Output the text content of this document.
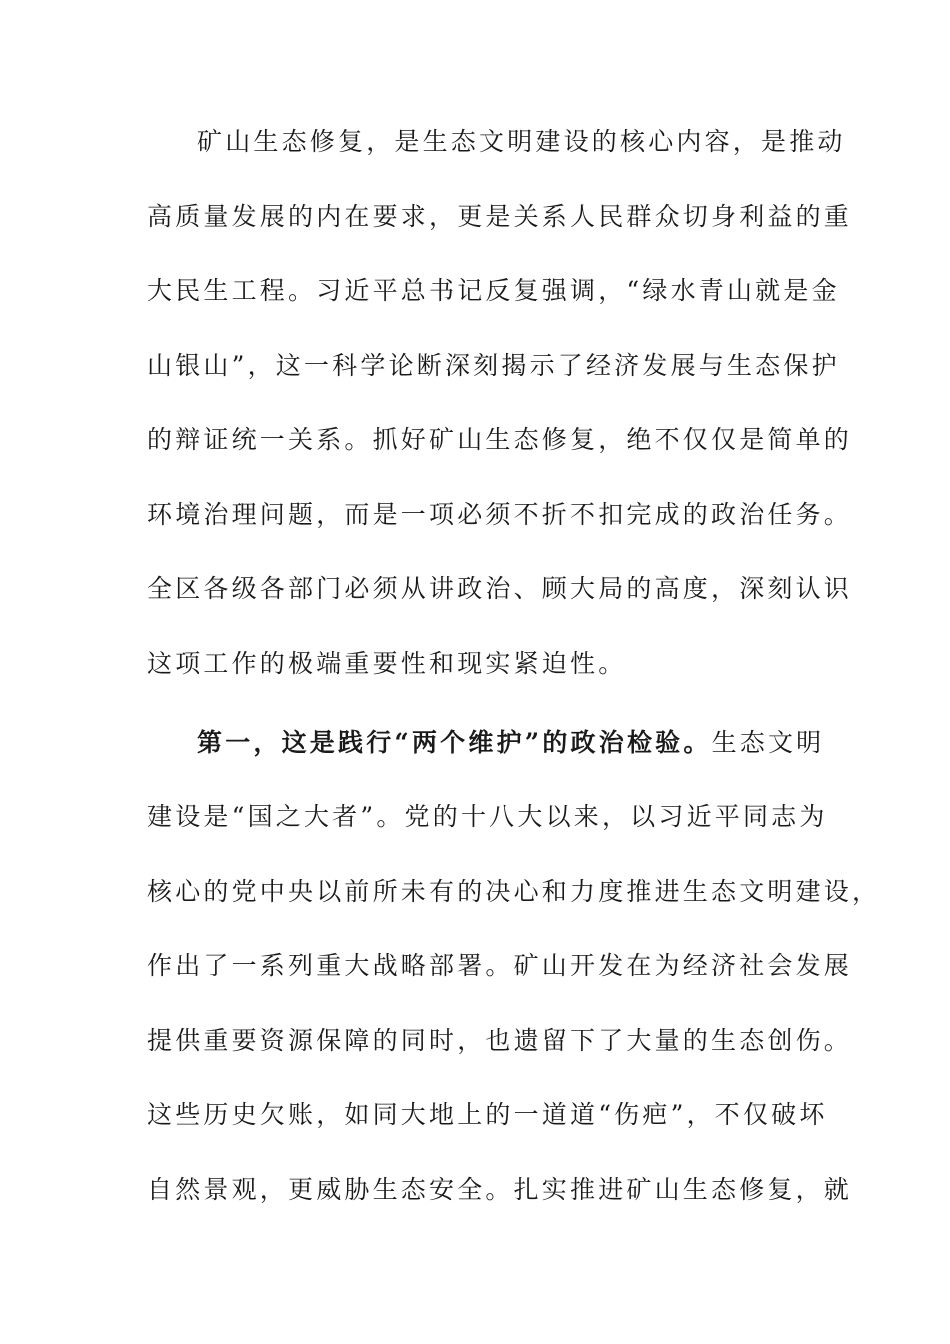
矿山生态修复，是生态文明建设的核心内容，是推动
高质量发展的内在要求，更是关系人民群众切身利益的重
大民生工程。习近平总书记反复强调，“绿水青山就是金
山银山”，这一科学论断深刻揭示了经济发展与生态保护
的辩证统一关系。抓好矿山生态修复，绝不仅仅是简单的
环境治理问题，而是一项必须不折不扣完成的政治任务。
全区各级各部门必须从讲政治、顾大局的高度，深刻认识
这项工作的极端重要性和现实紧迫性。
第一，这是践行“两个维护”的政治检验。生态文明
建设是“国之大者”。党的十八大以来，以习近平同志为
核心的党中央以前所未有的决心和力度推进生态文明建设，
作出了一系列重大战略部署。矿山开发在为经济社会发展
提供重要资源保障的同时，也遗留下了大量的生态创伤。
这些历史欠账，如同大地上的一道道“伤疤”，不仅破坏
自然景观，更威胁生态安全。扎实推进矿山生态修复，就
